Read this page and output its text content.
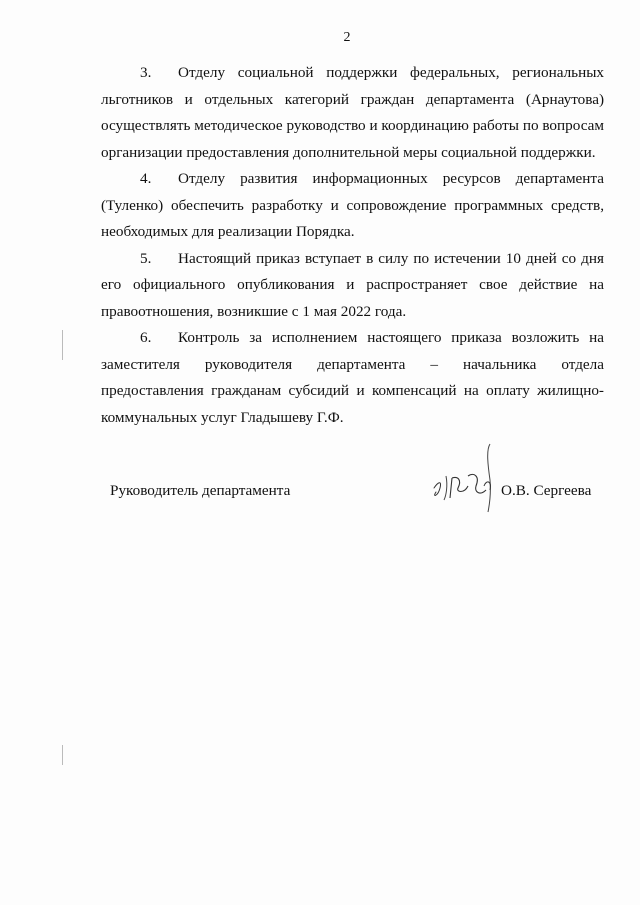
2

3. Отделу социальной поддержки федеральных, региональных льготников и отдельных категорий граждан департамента (Арнаутова) осуществлять методическое руководство и координацию работы по вопросам организации предоставления дополнительной меры социальной поддержки.

4. Отделу развития информационных ресурсов департамента (Туленко) обеспечить разработку и сопровождение программных средств, необходимых для реализации Порядка.

5. Настоящий приказ вступает в силу по истечении 10 дней со дня его официального опубликования и распространяет свое действие на правоотношения, возникшие с 1 мая 2022 года.

6. Контроль за исполнением настоящего приказа возложить на заместителя руководителя департамента – начальника отдела предоставления гражданам субсидий и компенсаций на оплату жилищно-коммунальных услуг Гладышеву Г.Ф.

Руководитель департамента	О.В. Сергеева
